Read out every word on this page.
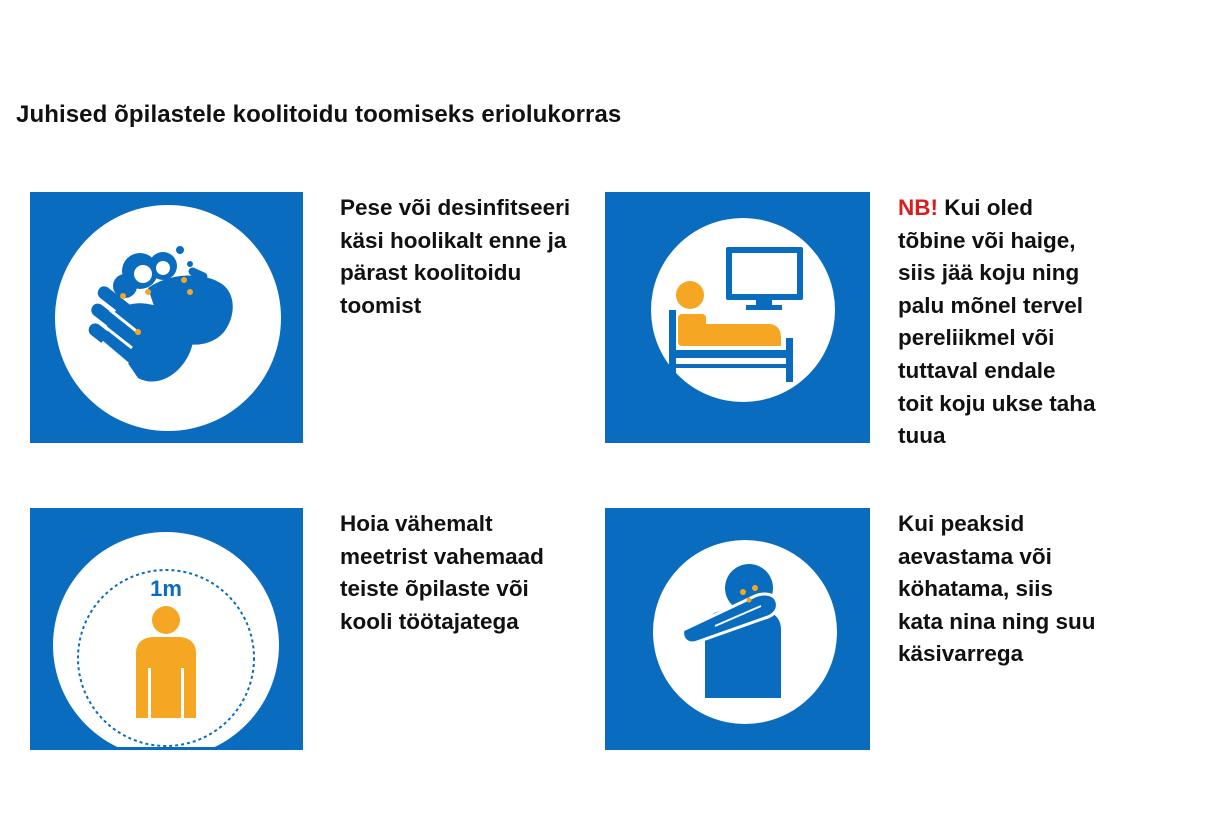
Juhised õpilastele koolitoidu toomiseks eriolukorras

Pese või desinfitseeri

käsi hoolikalt enne ja

pärast koolitoidu

toomist

NB! Kui oled

tõbine või haige,

siis jää koju ning

palu mõnel tervel

pereliikmel või

tuttaval endale

toit koju ukse taha

tuua

1m

Hoia vähemalt

meetrist vahemaad

teiste õpilaste või

kooli töötajatega

Kui peaksid

aevastama või

köhatama, siis

kata nina ning suu

käsivarrega
